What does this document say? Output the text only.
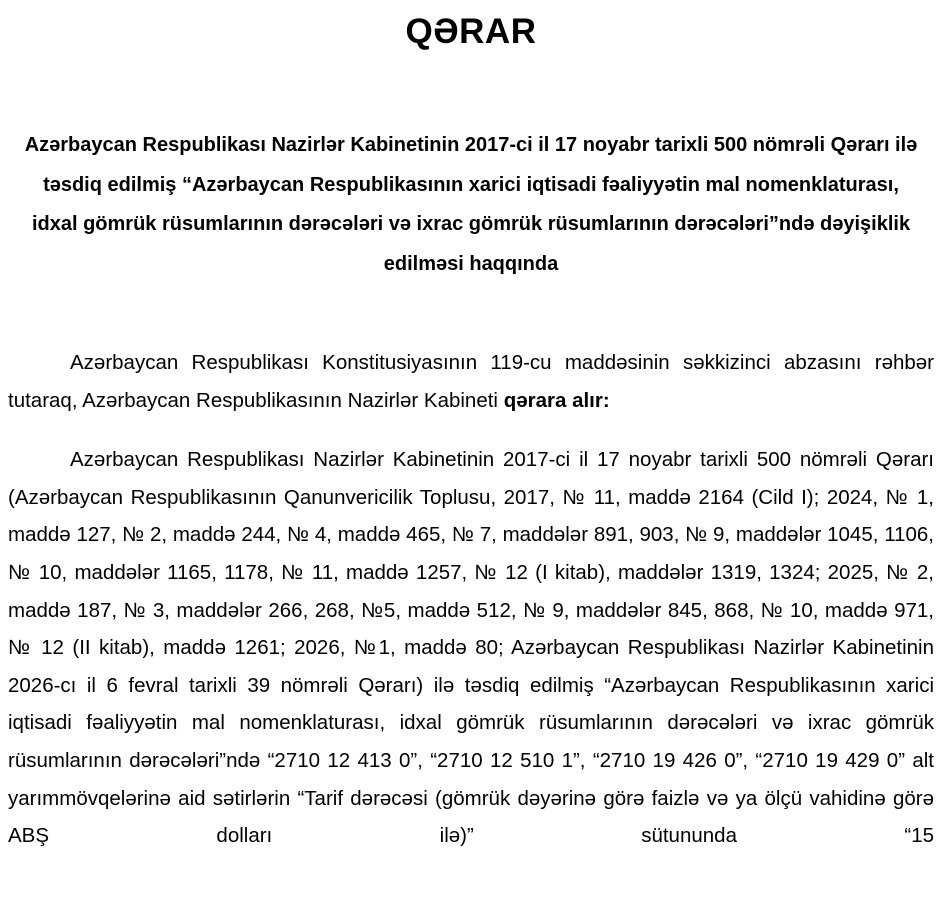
QƏRAR

Azərbaycan Respublikası Nazirlər Kabinetinin 2017-ci il 17 noyabr tarixli 500 nömrəli Qərarı ilə təsdiq edilmiş “Azərbaycan Respublikasının xarici iqtisadi fəaliyyətin mal nomenklaturası, idxal gömrük rüsumlarının dərəcələri və ixrac gömrük rüsumlarının dərəcələri”ndə dəyişiklik edilməsi haqqında

Azərbaycan Respublikası Konstitusiyasının 119-cu maddəsinin səkkizinci abzasını rəhbər tutaraq, Azərbaycan Respublikasının Nazirlər Kabineti qərara alır:

Azərbaycan Respublikası Nazirlər Kabinetinin 2017-ci il 17 noyabr tarixli 500 nömrəli Qərarı (Azərbaycan Respublikasının Qanunvericilik Toplusu, 2017, № 11, maddə 2164 (Cild I); 2024, № 1, maddə 127, № 2, maddə 244, № 4, maddə 465, № 7, maddələr 891, 903, № 9, maddələr 1045, 1106, № 10, maddələr 1165, 1178, № 11, maddə 1257, № 12 (I kitab), maddələr 1319, 1324; 2025, № 2, maddə 187, № 3, maddələr 266, 268, №5, maddə 512, № 9, maddələr 845, 868, № 10, maddə 971, № 12 (II kitab), maddə 1261; 2026, №1, maddə 80; Azərbaycan Respublikası Nazirlər Kabinetinin 2026-cı il 6 fevral tarixli 39 nömrəli Qərarı) ilə təsdiq edilmiş “Azərbaycan Respublikasının xarici iqtisadi fəaliyyətin mal nomenklaturası, idxal gömrük rüsumlarının dərəcələri və ixrac gömrük rüsumlarının dərəcələri”ndə “2710 12 413 0”, “2710 12 510 1”, “2710 19 426 0”, “2710 19 429 0” alt yarımmövqelərinə aid sətirlərin “Tarif dərəcəsi (gömrük dəyərinə görə faizlə və ya ölçü vahidinə görə ABŞ dolları ilə)” sütununda “15
